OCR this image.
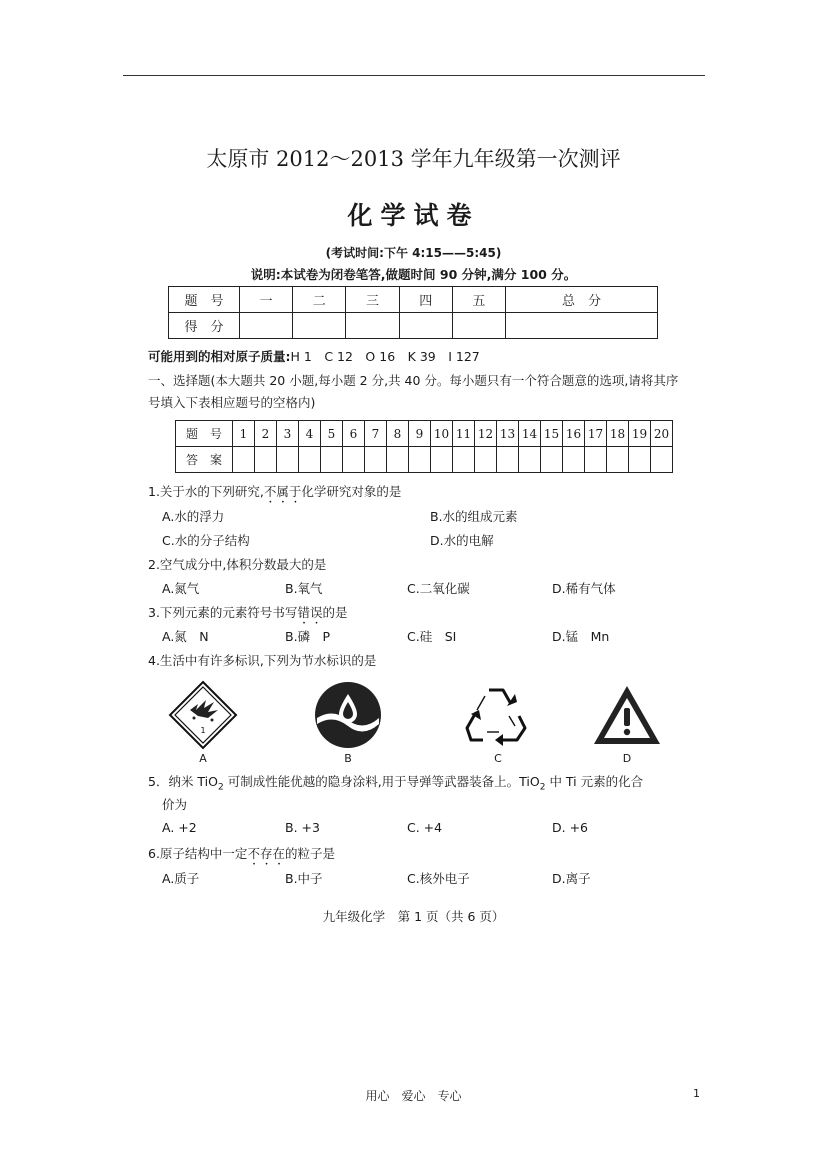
太原市 2012～2013 学年九年级第一次测评
化学试卷
(考试时间:下午 4:15——5:45)
说明:本试卷为闭卷笔答,做题时间 90 分钟,满分 100 分。
题　号	一	二	三	四	五	总　分
得　分						
可能用到的相对原子质量:H 1　C 12　O 16　K 39　I 127
一、选择题(本大题共 20 小题,每小题 2 分,共 40 分。每小题只有一个符合题意的选项,请将其序号填入下表相应题号的空格内)
题　号	1	2	3	4	5	6	7	8	9	10	11	12	13	14	15	16	17	18	19	20
答　案																				
1.关于水的下列研究,不属于化学研究对象的是
A.水的浮力	B.水的组成元素
C.水的分子结构	D.水的电解
2.空气成分中,体积分数最大的是
A.氮气	B.氧气	C.二氧化碳	D.稀有气体
3.下列元素的元素符号书写错误的是
A.氮　N	B.磷　P	C.硅　SI	D.锰　Mn
4.生活中有许多标识,下列为节水标识的是
1
A	B	C	D
5．纳米 TiO$_2$ 可制成性能优越的隐身涂料,用于导弹等武器装备上。TiO$_2$ 中 Ti 元素的化合
价为
A. +2	B. +3	C. +4	D. +6
6.原子结构中一定不存在的粒子是
A.质子	B.中子	C.核外电子	D.离子
九年级化学　第 1 页（共 6 页）
用心　爱心　专心	1
